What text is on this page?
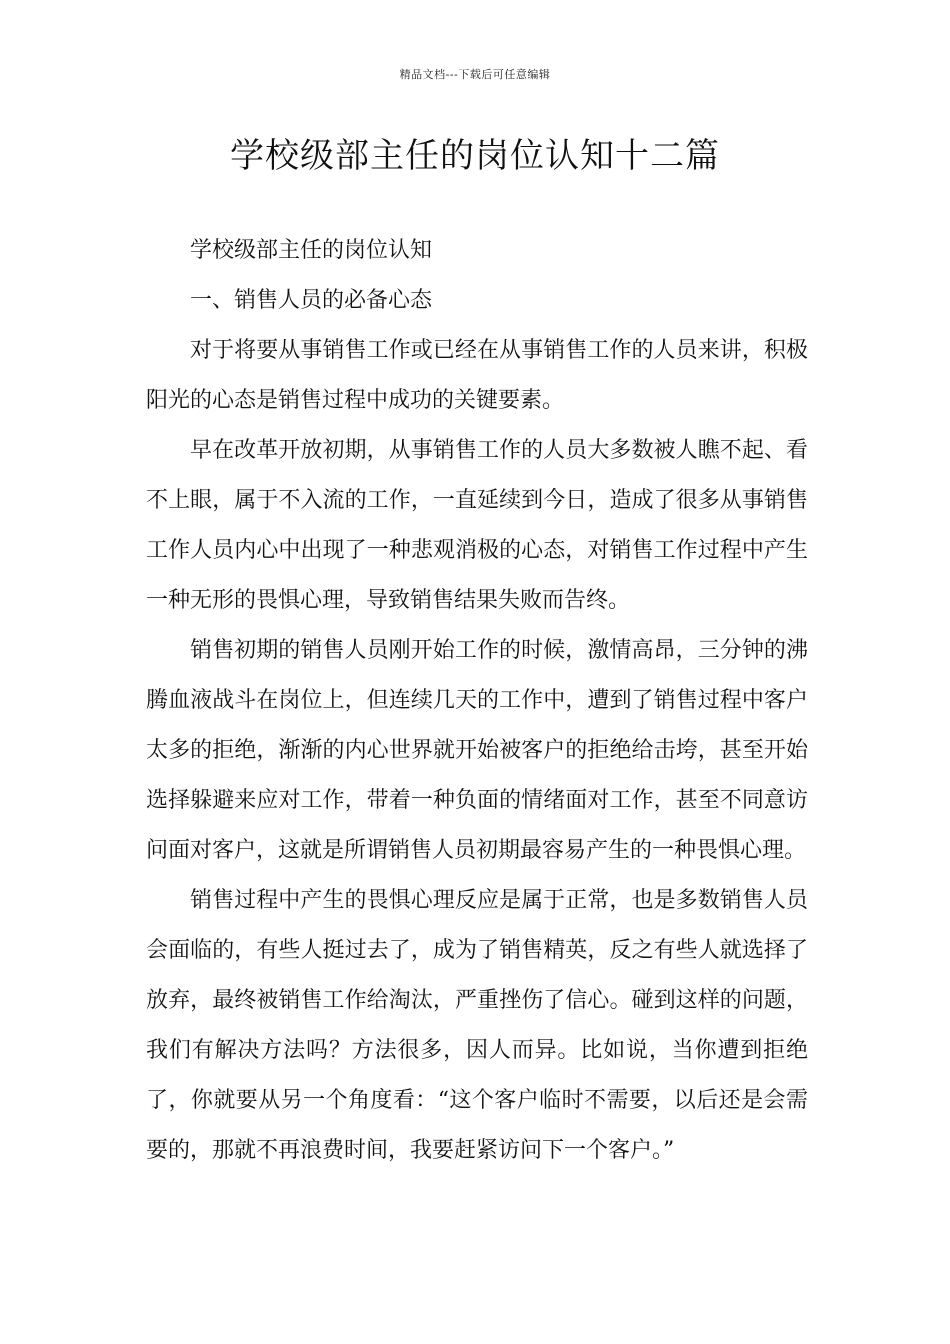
精品文档---下载后可任意编辑
学校级部主任的岗位认知十二篇

学校级部主任的岗位认知

一、销售人员的必备心态

对于将要从事销售工作或已经在从事销售工作的人员来讲，积极阳光的心态是销售过程中成功的关键要素。

早在改革开放初期，从事销售工作的人员大多数被人瞧不起、看不上眼，属于不入流的工作，一直延续到今日，造成了很多从事销售工作人员内心中出现了一种悲观消极的心态，对销售工作过程中产生一种无形的畏惧心理，导致销售结果失败而告终。

销售初期的销售人员刚开始工作的时候，激情高昂，三分钟的沸腾血液战斗在岗位上，但连续几天的工作中，遭到了销售过程中客户太多的拒绝，渐渐的内心世界就开始被客户的拒绝给击垮，甚至开始选择躲避来应对工作，带着一种负面的情绪面对工作，甚至不同意访问面对客户，这就是所谓销售人员初期最容易产生的一种畏惧心理。

销售过程中产生的畏惧心理反应是属于正常，也是多数销售人员会面临的，有些人挺过去了，成为了销售精英，反之有些人就选择了放弃，最终被销售工作给淘汰，严重挫伤了信心。碰到这样的问题，我们有解决方法吗？方法很多，因人而异。比如说，当你遭到拒绝了，你就要从另一个角度看：“这个客户临时不需要，以后还是会需要的，那就不再浪费时间，我要赶紧访问下一个客户。”
